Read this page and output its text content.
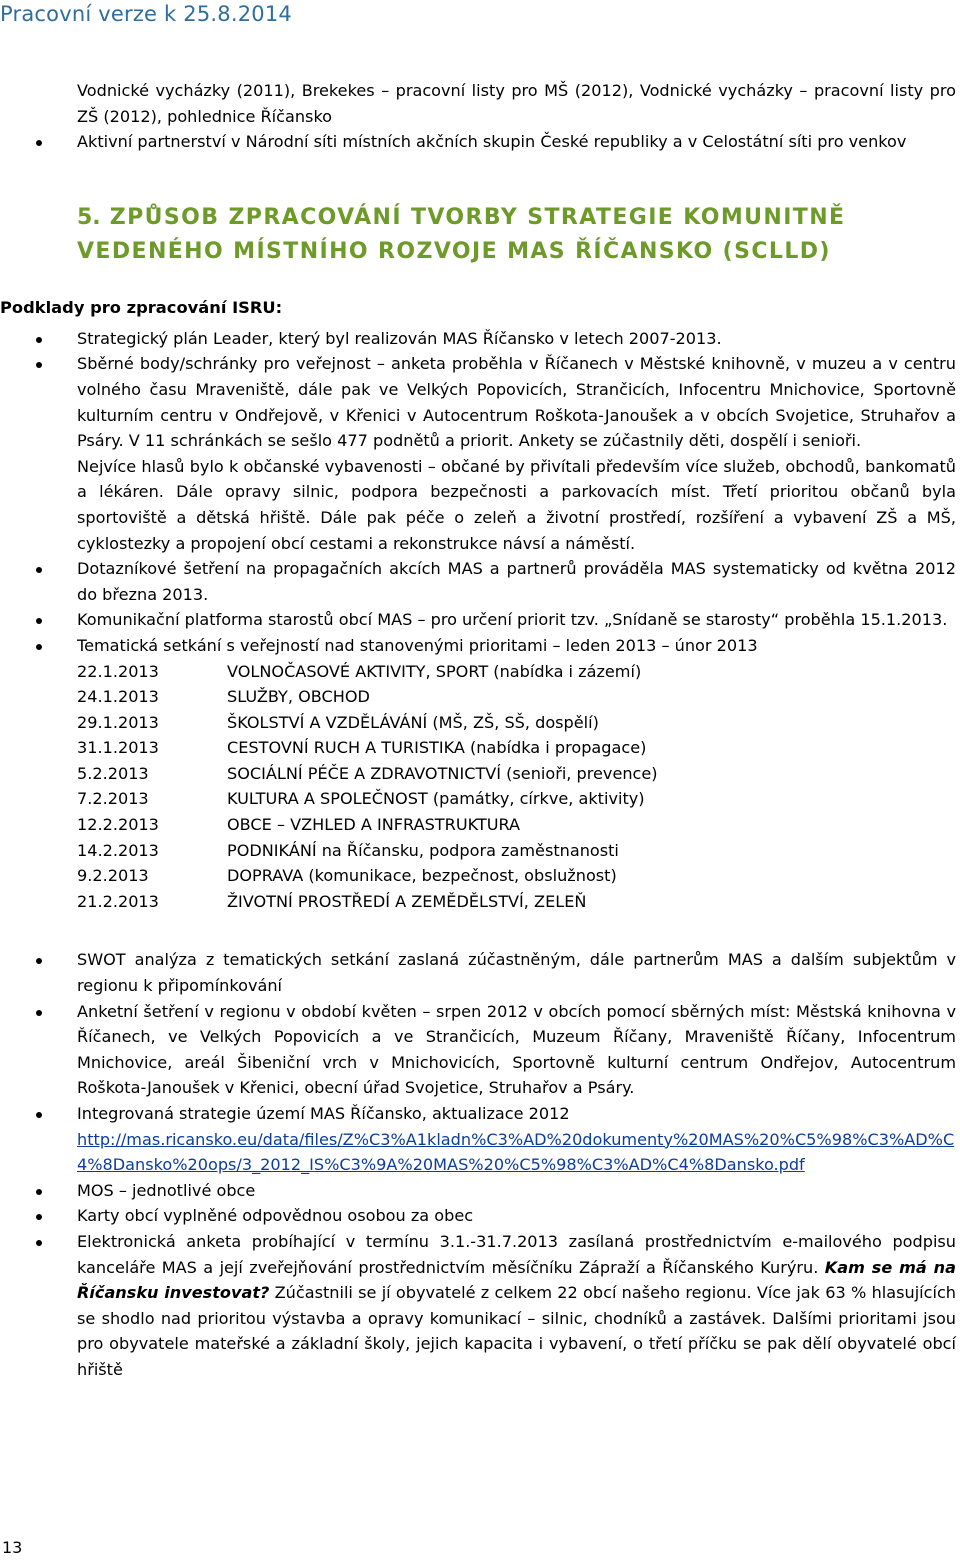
Pracovní verze k 25.8.2014
Vodnické vycházky (2011), Brekekes – pracovní listy pro MŠ (2012), Vodnické vycházky – pracovní listy pro ZŠ (2012), pohlednice Říčansko
Aktivní partnerství v Národní síti místních akčních skupin České republiky a v Celostátní síti pro venkov
5. ZPŮSOB ZPRACOVÁNÍ TVORBY STRATEGIE KOMUNITNĚ VEDENÉHO MÍSTNÍHO ROZVOJE MAS ŘÍČANSKO (SCLLD)
Podklady pro zpracování ISRU:
Strategický plán Leader, který byl realizován MAS Říčansko v letech 2007-2013.
Sběrné body/schránky pro veřejnost – anketa proběhla v Říčanech v Městské knihovně, v muzeu a v centru volného času Mraveniště, dále pak ve Velkých Popovicích, Strančicích, Infocentru Mnichovice, Sportovně kulturním centru v Ondřejově, v Křenici v Autocentrum Roškota-Janoušek a v obcích Svojetice, Struhařov a Psáry. V 11 schránkách se sešlo 477 podnětů a priorit. Ankety se zúčastnily děti, dospělí i senioři.
Nejvíce hlasů bylo k občanské vybavenosti – občané by přivítali především více služeb, obchodů, bankomatů a lékáren. Dále opravy silnic, podpora bezpečnosti a parkovacích míst. Třetí prioritou občanů byla sportoviště a dětská hřiště. Dále pak péče o zeleň a životní prostředí, rozšíření a vybavení ZŠ a MŠ, cyklostezky a propojení obcí cestami a rekonstrukce návsí a náměstí.
Dotazníkové šetření na propagačních akcích MAS a partnerů prováděla MAS systematicky od května 2012 do března 2013.
Komunikační platforma starostů obcí MAS – pro určení priorit tzv. „Snídaně se starosty“ proběhla 15.1.2013.
Tematická setkání s veřejností nad stanovenými prioritami – leden 2013 – únor 2013
22.1.2013	VOLNOČASOVÉ AKTIVITY, SPORT (nabídka i zázemí)
24.1.2013	SLUŽBY, OBCHOD
29.1.2013	ŠKOLSTVÍ A VZDĚLÁVÁNÍ (MŠ, ZŠ, SŠ, dospělí)
31.1.2013	CESTOVNÍ RUCH A TURISTIKA (nabídka i propagace)
5.2.2013	SOCIÁLNÍ PÉČE A ZDRAVOTNICTVÍ (senioři, prevence)
7.2.2013	KULTURA A SPOLEČNOST (památky, církve, aktivity)
12.2.2013	OBCE – VZHLED A INFRASTRUKTURA
14.2.2013	PODNIKÁNÍ na Říčansku, podpora zaměstnanosti
9.2.2013	DOPRAVA (komunikace, bezpečnost, obslužnost)
21.2.2013	ŽIVOTNÍ PROSTŘEDÍ A ZEMĚDĚLSTVÍ, ZELEŇ
SWOT analýza z tematických setkání zaslaná zúčastněným, dále partnerům MAS a dalším subjektům v regionu k připomínkování
Anketní šetření v regionu v období květen – srpen 2012 v obcích pomocí sběrných míst: Městská knihovna v Říčanech, ve Velkých Popovicích a ve Strančicích, Muzeum Říčany, Mraveniště Říčany, Infocentrum Mnichovice, areál Šibeniční vrch v Mnichovicích, Sportovně kulturní centrum Ondřejov, Autocentrum Roškota-Janoušek v Křenici, obecní úřad Svojetice, Struhařov a Psáry.
Integrovaná strategie území MAS Říčansko, aktualizace 2012
http://mas.ricansko.eu/data/files/Z%C3%A1kladn%C3%AD%20dokumenty%20MAS%20%C5%98%C3%AD%C4%8Dansko%20ops/3_2012_IS%C3%9A%20MAS%20%C5%98%C3%AD%C4%8Dansko.pdf
MOS – jednotlivé obce
Karty obcí vyplněné odpovědnou osobou za obec
Elektronická anketa probíhající v termínu 3.1.-31.7.2013 zasílaná prostřednictvím e-mailového podpisu kanceláře MAS a její zveřejňování prostřednictvím měsíčníku Zápraží a Říčanského Kurýru. Kam se má na Říčansku investovat? Zúčastnili se jí obyvatelé z celkem 22 obcí našeho regionu. Více jak 63 % hlasujících se shodlo nad prioritou výstavba a opravy komunikací – silnic, chodníků a zastávek. Dalšími prioritami jsou pro obyvatele mateřské a základní školy, jejich kapacita i vybavení, o třetí příčku se pak dělí obyvatelé obcí hřiště
13
